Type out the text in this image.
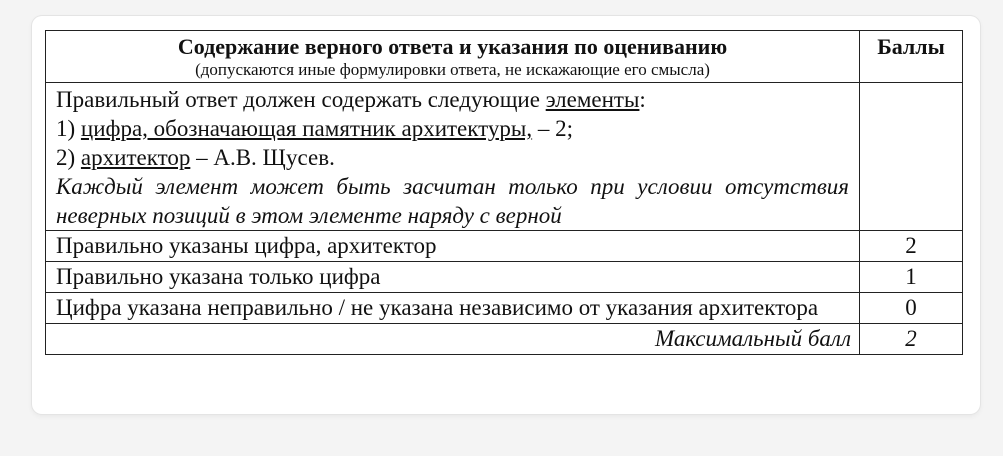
Содержание верного ответа и указания по оцениванию
(допускаются иные формулировки ответа, не искажающие его смысла)	Баллы

Правильный ответ должен содержать следующие элементы:
1) цифра, обозначающая памятник архитектуры, – 2;
2) архитектор – А.В. Щусев.
Каждый элемент может быть засчитан только при условии отсутствия неверных позиций в этом элементе наряду с верной	

Правильно указаны цифра, архитектор	2
Правильно указана только цифра	1
Цифра указана неправильно / не указана независимо от указания архитектора	0
Максимальный балл	2
